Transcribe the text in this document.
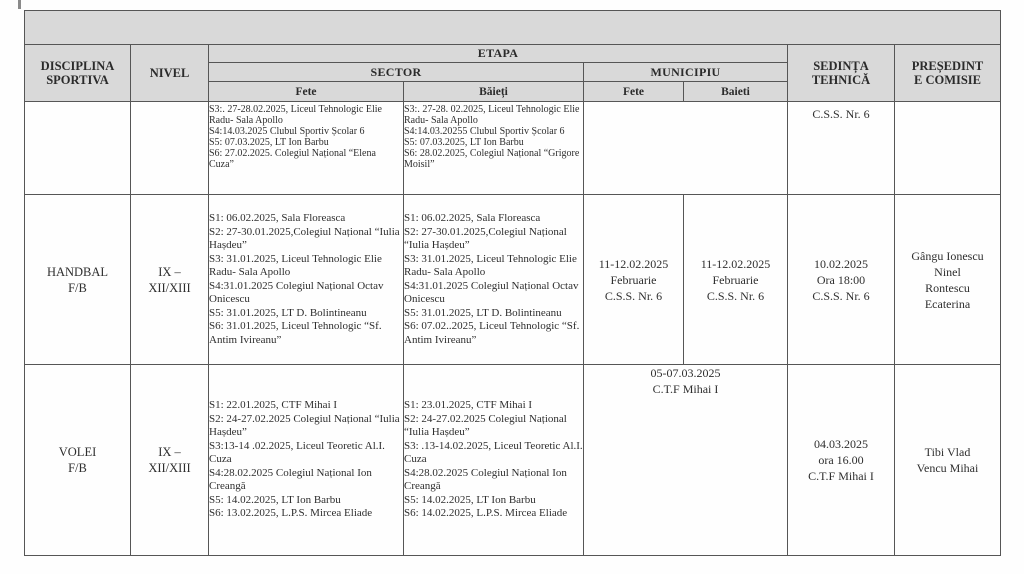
DISCIPLINA
SPORTIVA	NIVEL	ETAPA				SEDINȚA
TEHNICĂ	PREȘEDINT
E COMISIE
		SECTOR		MUNICIPIU			
		Fete	Băieți	Fete	Baieti		
		S3:. 27-28.02.2025, Liceul Tehnologic Elie Radu- Sala Apollo
S4:14.03.2025 Clubul Sportiv Școlar 6
S5: 07.03.2025, LT Ion Barbu
S6: 27.02.2025. Colegiul Național “Elena Cuza”	S3:. 27-28. 02.2025, Liceul Tehnologic Elie Radu- Sala Apollo
S4:14.03.20255 Clubul Sportiv Școlar 6
S5: 07.03.2025, LT Ion Barbu
S6: 28.02.2025, Colegiul Național “Grigore Moisil”			C.S.S. Nr. 6	
HANDBAL
F/B	IX –
XII/XIII	S1: 06.02.2025, Sala Floreasca
S2: 27-30.01.2025,Colegiul Național “Iulia Hașdeu”
S3: 31.01.2025, Liceul Tehnologic Elie Radu- Sala Apollo
S4:31.01.2025 Colegiul Național Octav Onicescu
S5: 31.01.2025, LT D. Bolintineanu
S6: 31.01.2025, Liceul Tehnologic “Sf. Antim Ivireanu”	S1: 06.02.2025, Sala Floreasca
S2: 27-30.01.2025,Colegiul Național “Iulia Hașdeu”
S3: 31.01.2025, Liceul Tehnologic Elie Radu- Sala Apollo
S4:31.01.2025 Colegiul Național Octav Onicescu
S5: 31.01.2025, LT D. Bolintineanu
S6: 07.02..2025, Liceul Tehnologic “Sf. Antim Ivireanu”	11-12.02.2025
Februarie
C.S.S. Nr. 6	11-12.02.2025
Februarie
C.S.S. Nr. 6	10.02.2025
Ora 18:00
C.S.S. Nr. 6	Gângu Ionescu
Ninel
Rontescu
Ecaterina
VOLEI
F/B	IX –
XII/XIII	S1: 22.01.2025, CTF Mihai I
S2: 24-27.02.2025 Colegiul Național “Iulia Hașdeu”
S3:13-14 .02.2025, Liceul Teoretic Al.I. Cuza
S4:28.02.2025 Colegiul Național Ion Creangă
S5: 14.02.2025, LT Ion Barbu
S6: 13.02.2025, L.P.S. Mircea Eliade	S1: 23.01.2025, CTF Mihai I
S2: 24-27.02.2025 Colegiul Național “Iulia Hașdeu”
S3: .13-14.02.2025, Liceul Teoretic Al.I. Cuza
S4:28.02.2025 Colegiul Național Ion Creangă
S5: 14.02.2025, LT Ion Barbu
S6: 14.02.2025, L.P.S. Mircea Eliade	05-07.03.2025
C.T.F Mihai I	04.03.2025
ora 16.00
C.T.F Mihai I	Tibi Vlad
Vencu Mihai
